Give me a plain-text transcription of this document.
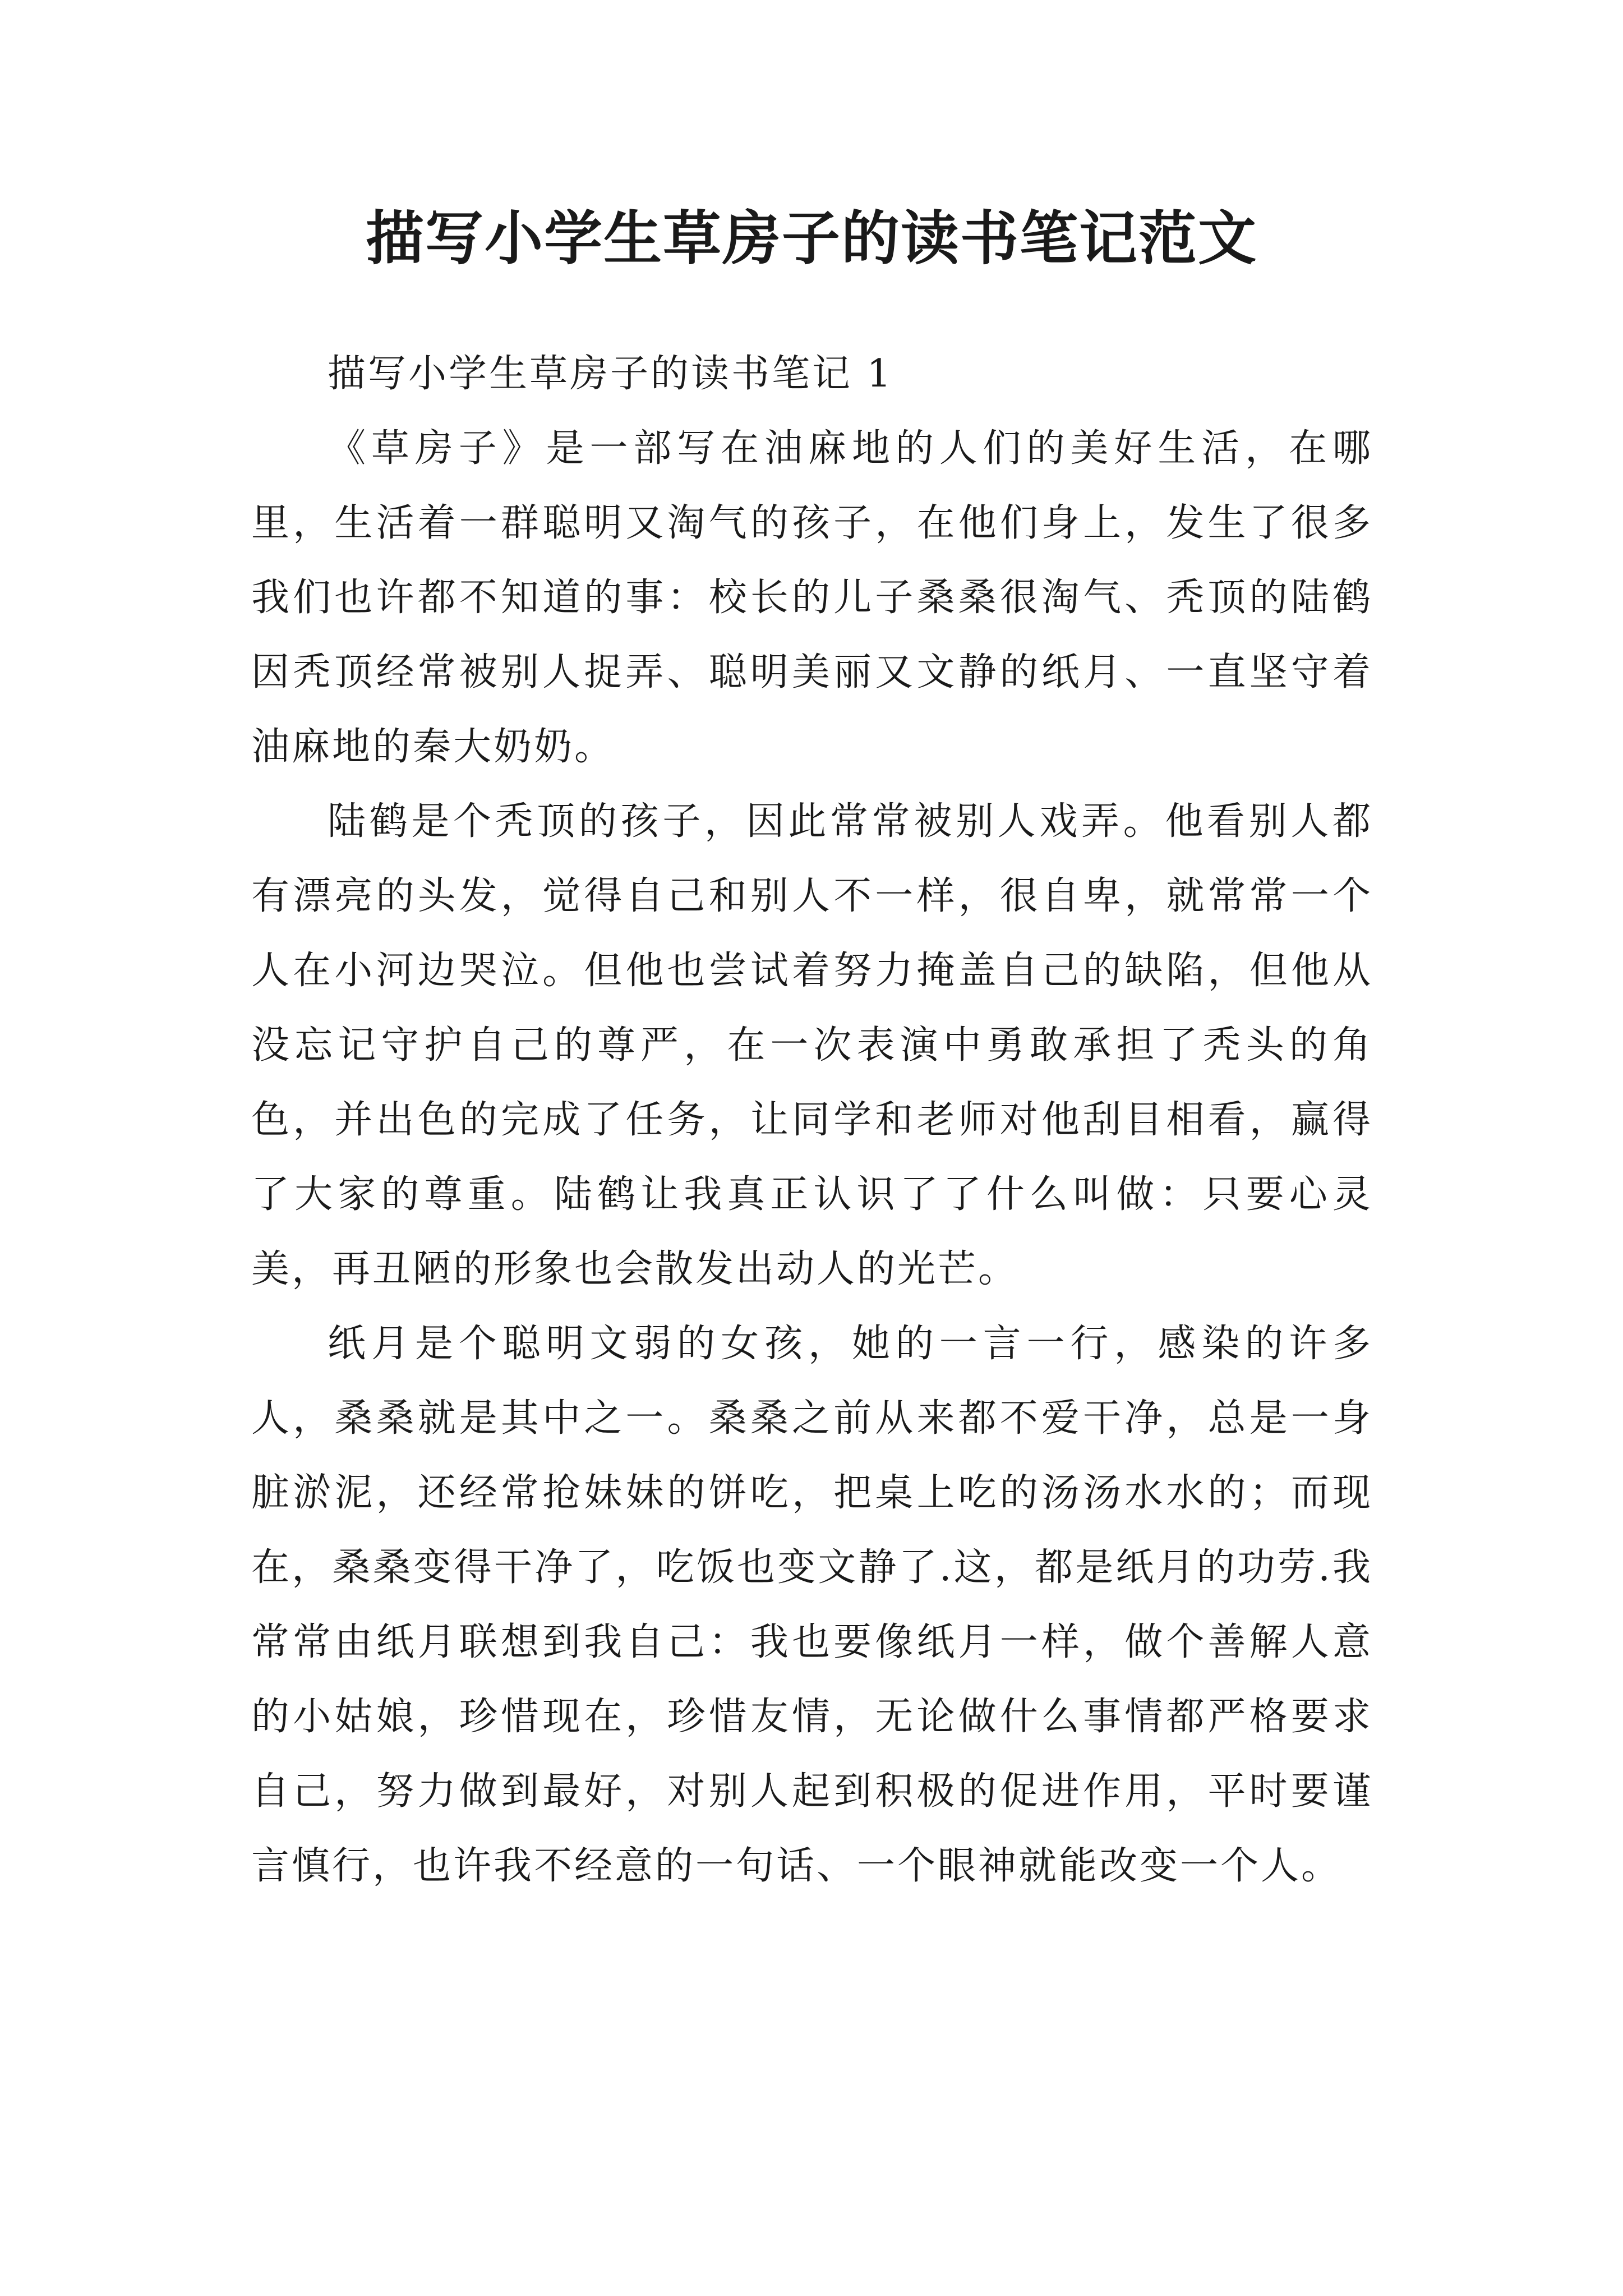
描写小学生草房子的读书笔记范文

描写小学生草房子的读书笔记 1

《草房子》是一部写在油麻地的人们的美好生活，在哪里，生活着一群聪明又淘气的孩子，在他们身上，发生了很多我们也许都不知道的事：校长的儿子桑桑很淘气、秃顶的陆鹤因秃顶经常被别人捉弄、聪明美丽又文静的纸月、一直坚守着油麻地的秦大奶奶。

陆鹤是个秃顶的孩子，因此常常被别人戏弄。他看别人都有漂亮的头发，觉得自己和别人不一样，很自卑，就常常一个人在小河边哭泣。但他也尝试着努力掩盖自己的缺陷，但他从没忘记守护自己的尊严，在一次表演中勇敢承担了秃头的角色，并出色的完成了任务，让同学和老师对他刮目相看，赢得了大家的尊重。陆鹤让我真正认识了了什么叫做：只要心灵美，再丑陋的形象也会散发出动人的光芒。

纸月是个聪明文弱的女孩，她的一言一行，感染的许多人，桑桑就是其中之一。桑桑之前从来都不爱干净，总是一身脏淤泥，还经常抢妹妹的饼吃，把桌上吃的汤汤水水的；而现在，桑桑变得干净了，吃饭也变文静了.这，都是纸月的功劳.我常常由纸月联想到我自己：我也要像纸月一样，做个善解人意的小姑娘，珍惜现在，珍惜友情，无论做什么事情都严格要求自己，努力做到最好，对别人起到积极的促进作用，平时要谨言慎行，也许我不经意的一句话、一个眼神就能改变一个人。
